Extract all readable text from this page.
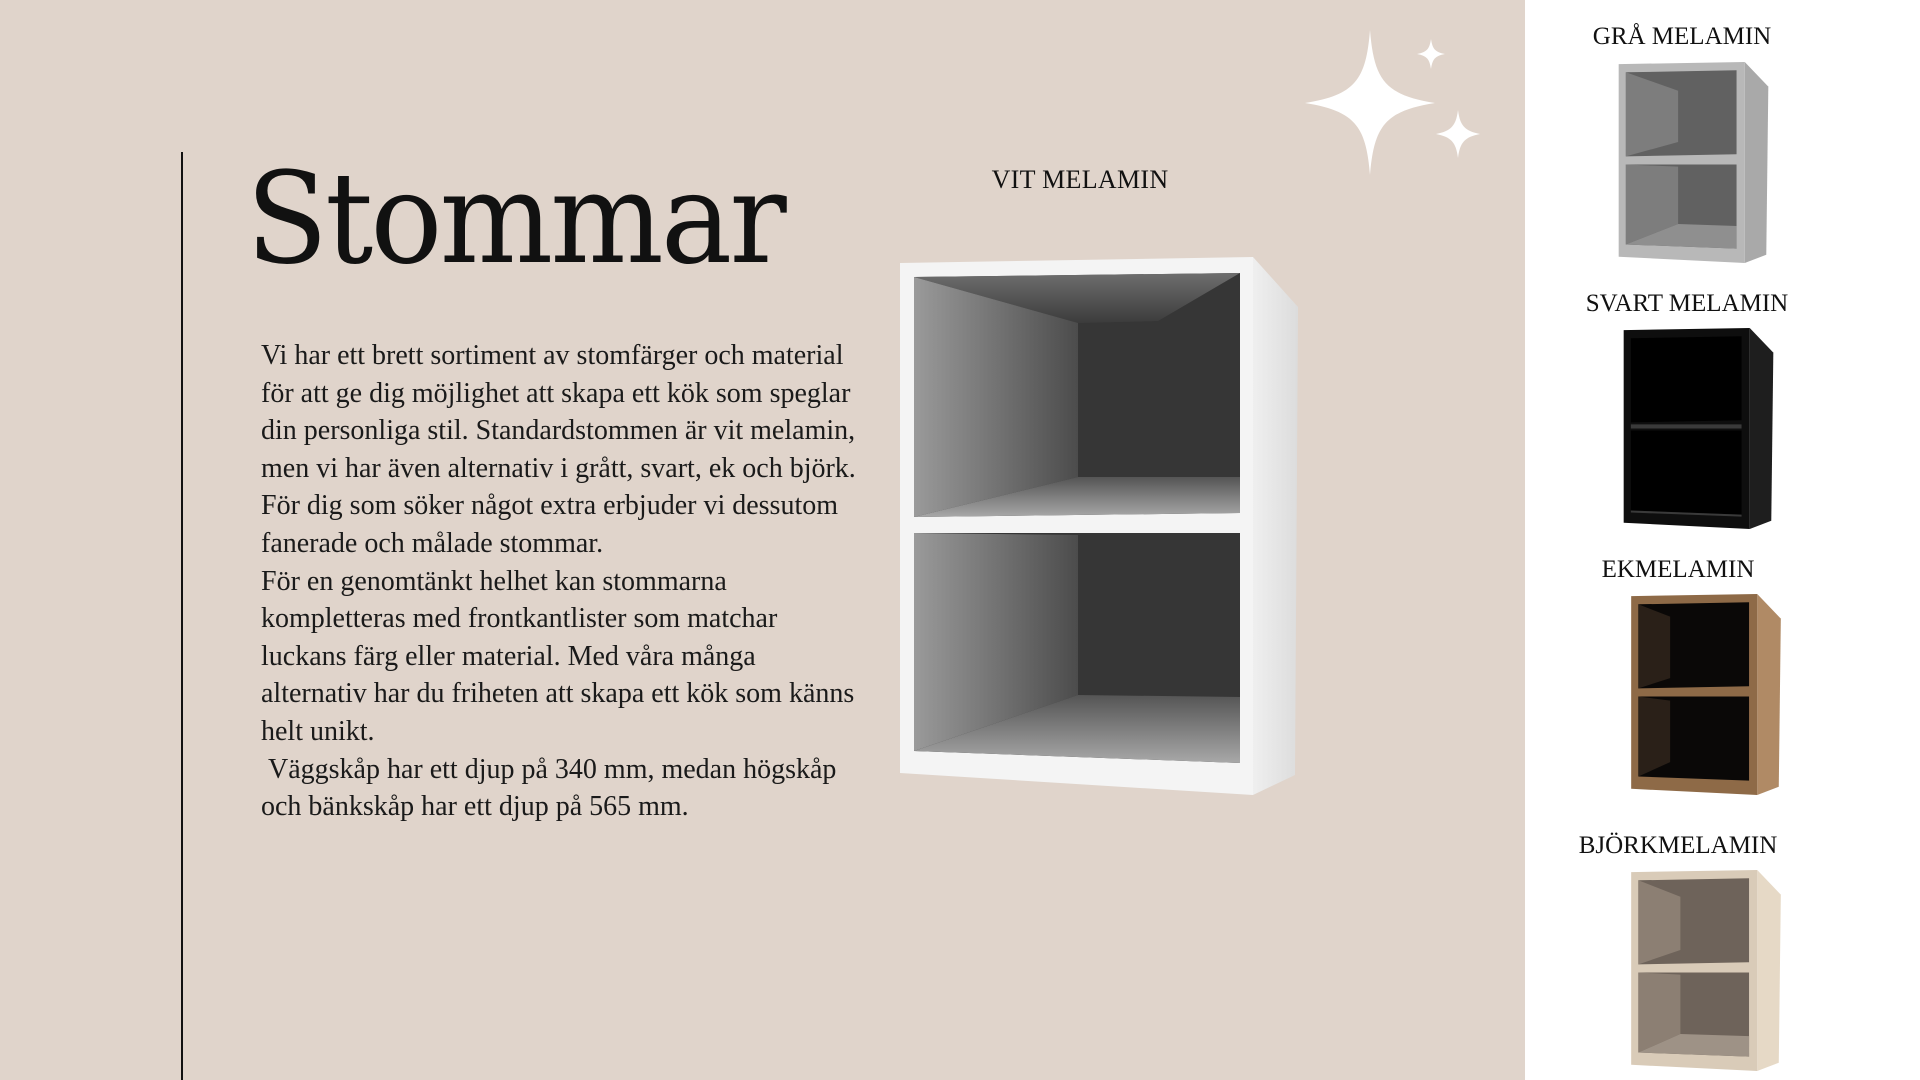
Stommar

Vi har ett brett sortiment av stomfärger och material för att ge dig möjlighet att skapa ett kök som speglar din personliga stil. Standardstommen är vit melamin, men vi har även alternativ i grått, svart, ek och björk. För dig som söker något extra erbjuder vi dessutom fanerade och målade stommar.

För en genomtänkt helhet kan stommarna kompletteras med frontkantlister som matchar luckans färg eller material. Med våra många alternativ har du friheten att skapa ett kök som känns helt unikt.

Väggskåp har ett djup på 340 mm, medan högskåp och bänkskåp har ett djup på 565 mm.

VIT MELAMIN
GRÅ MELAMIN
SVART MELAMIN
EKMELAMIN
BJÖRKMELAMIN
